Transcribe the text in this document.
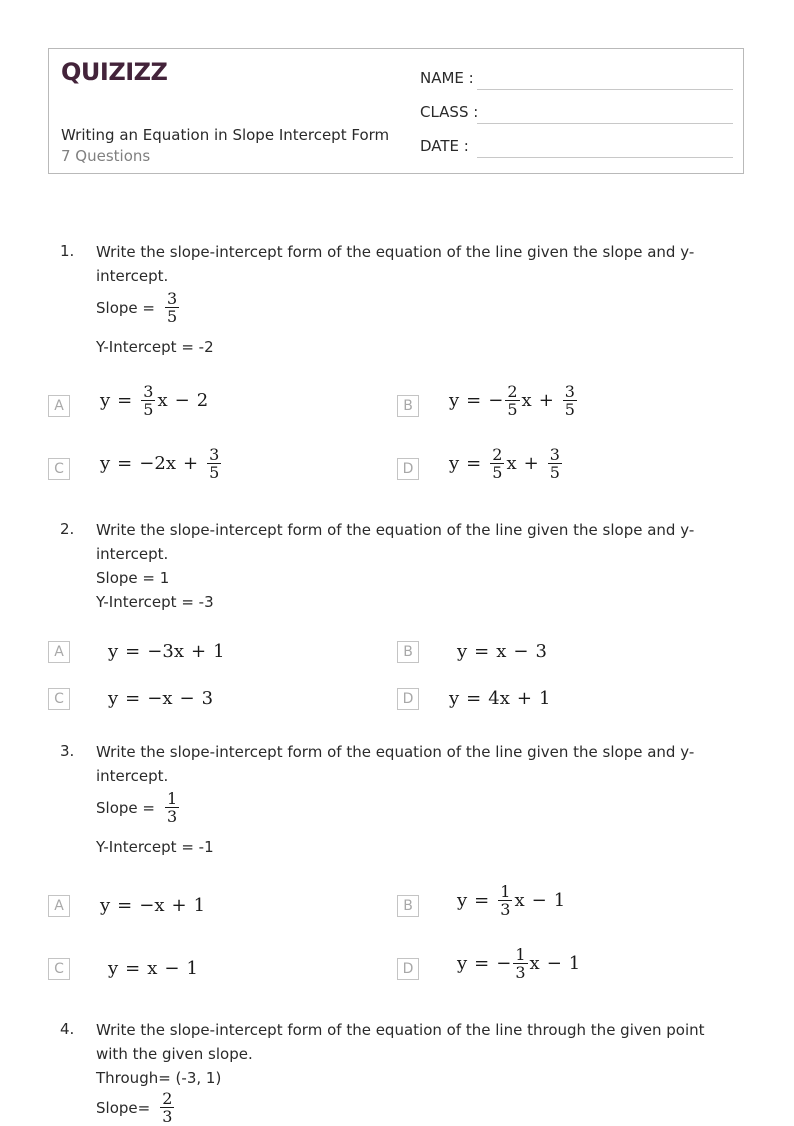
QUIZIZZ
Writing an Equation in Slope Intercept Form
7 Questions
NAME :
CLASS :
DATE :
1. Write the slope-intercept form of the equation of the line given the slope and y-intercept.
Slope = $\frac{3}{5}$
Y-Intercept = -2
A	$y = \frac{3}{5}$ x − 2	B	y = − $\frac{2}{5}$ $x + \frac{3}{5}$
C	y = − 2 $x + \frac{3}{5}$	D	$y = \frac{2}{5}$ $x + \frac{3}{5}$
2. Write the slope-intercept form of the equation of the line given the slope and y-intercept.
Slope = 1
Y-Intercept = -3
A	y = − 3 x + 1	B	y = x − 3
C	y = − x − 3	D	y = 4 x + 1
3. Write the slope-intercept form of the equation of the line given the slope and y-intercept.
Slope = $\frac{1}{3}$
Y-Intercept = -1
A	y = − x + 1	B	$y = \frac{1}{3}$ x − 1
C	y = x − 1	D	y = − $\frac{1}{3}$ x − 1
4. Write the slope-intercept form of the equation of the line through the given point with the given slope.
Through= (-3, 1)
Slope= $\frac{2}{3}$
